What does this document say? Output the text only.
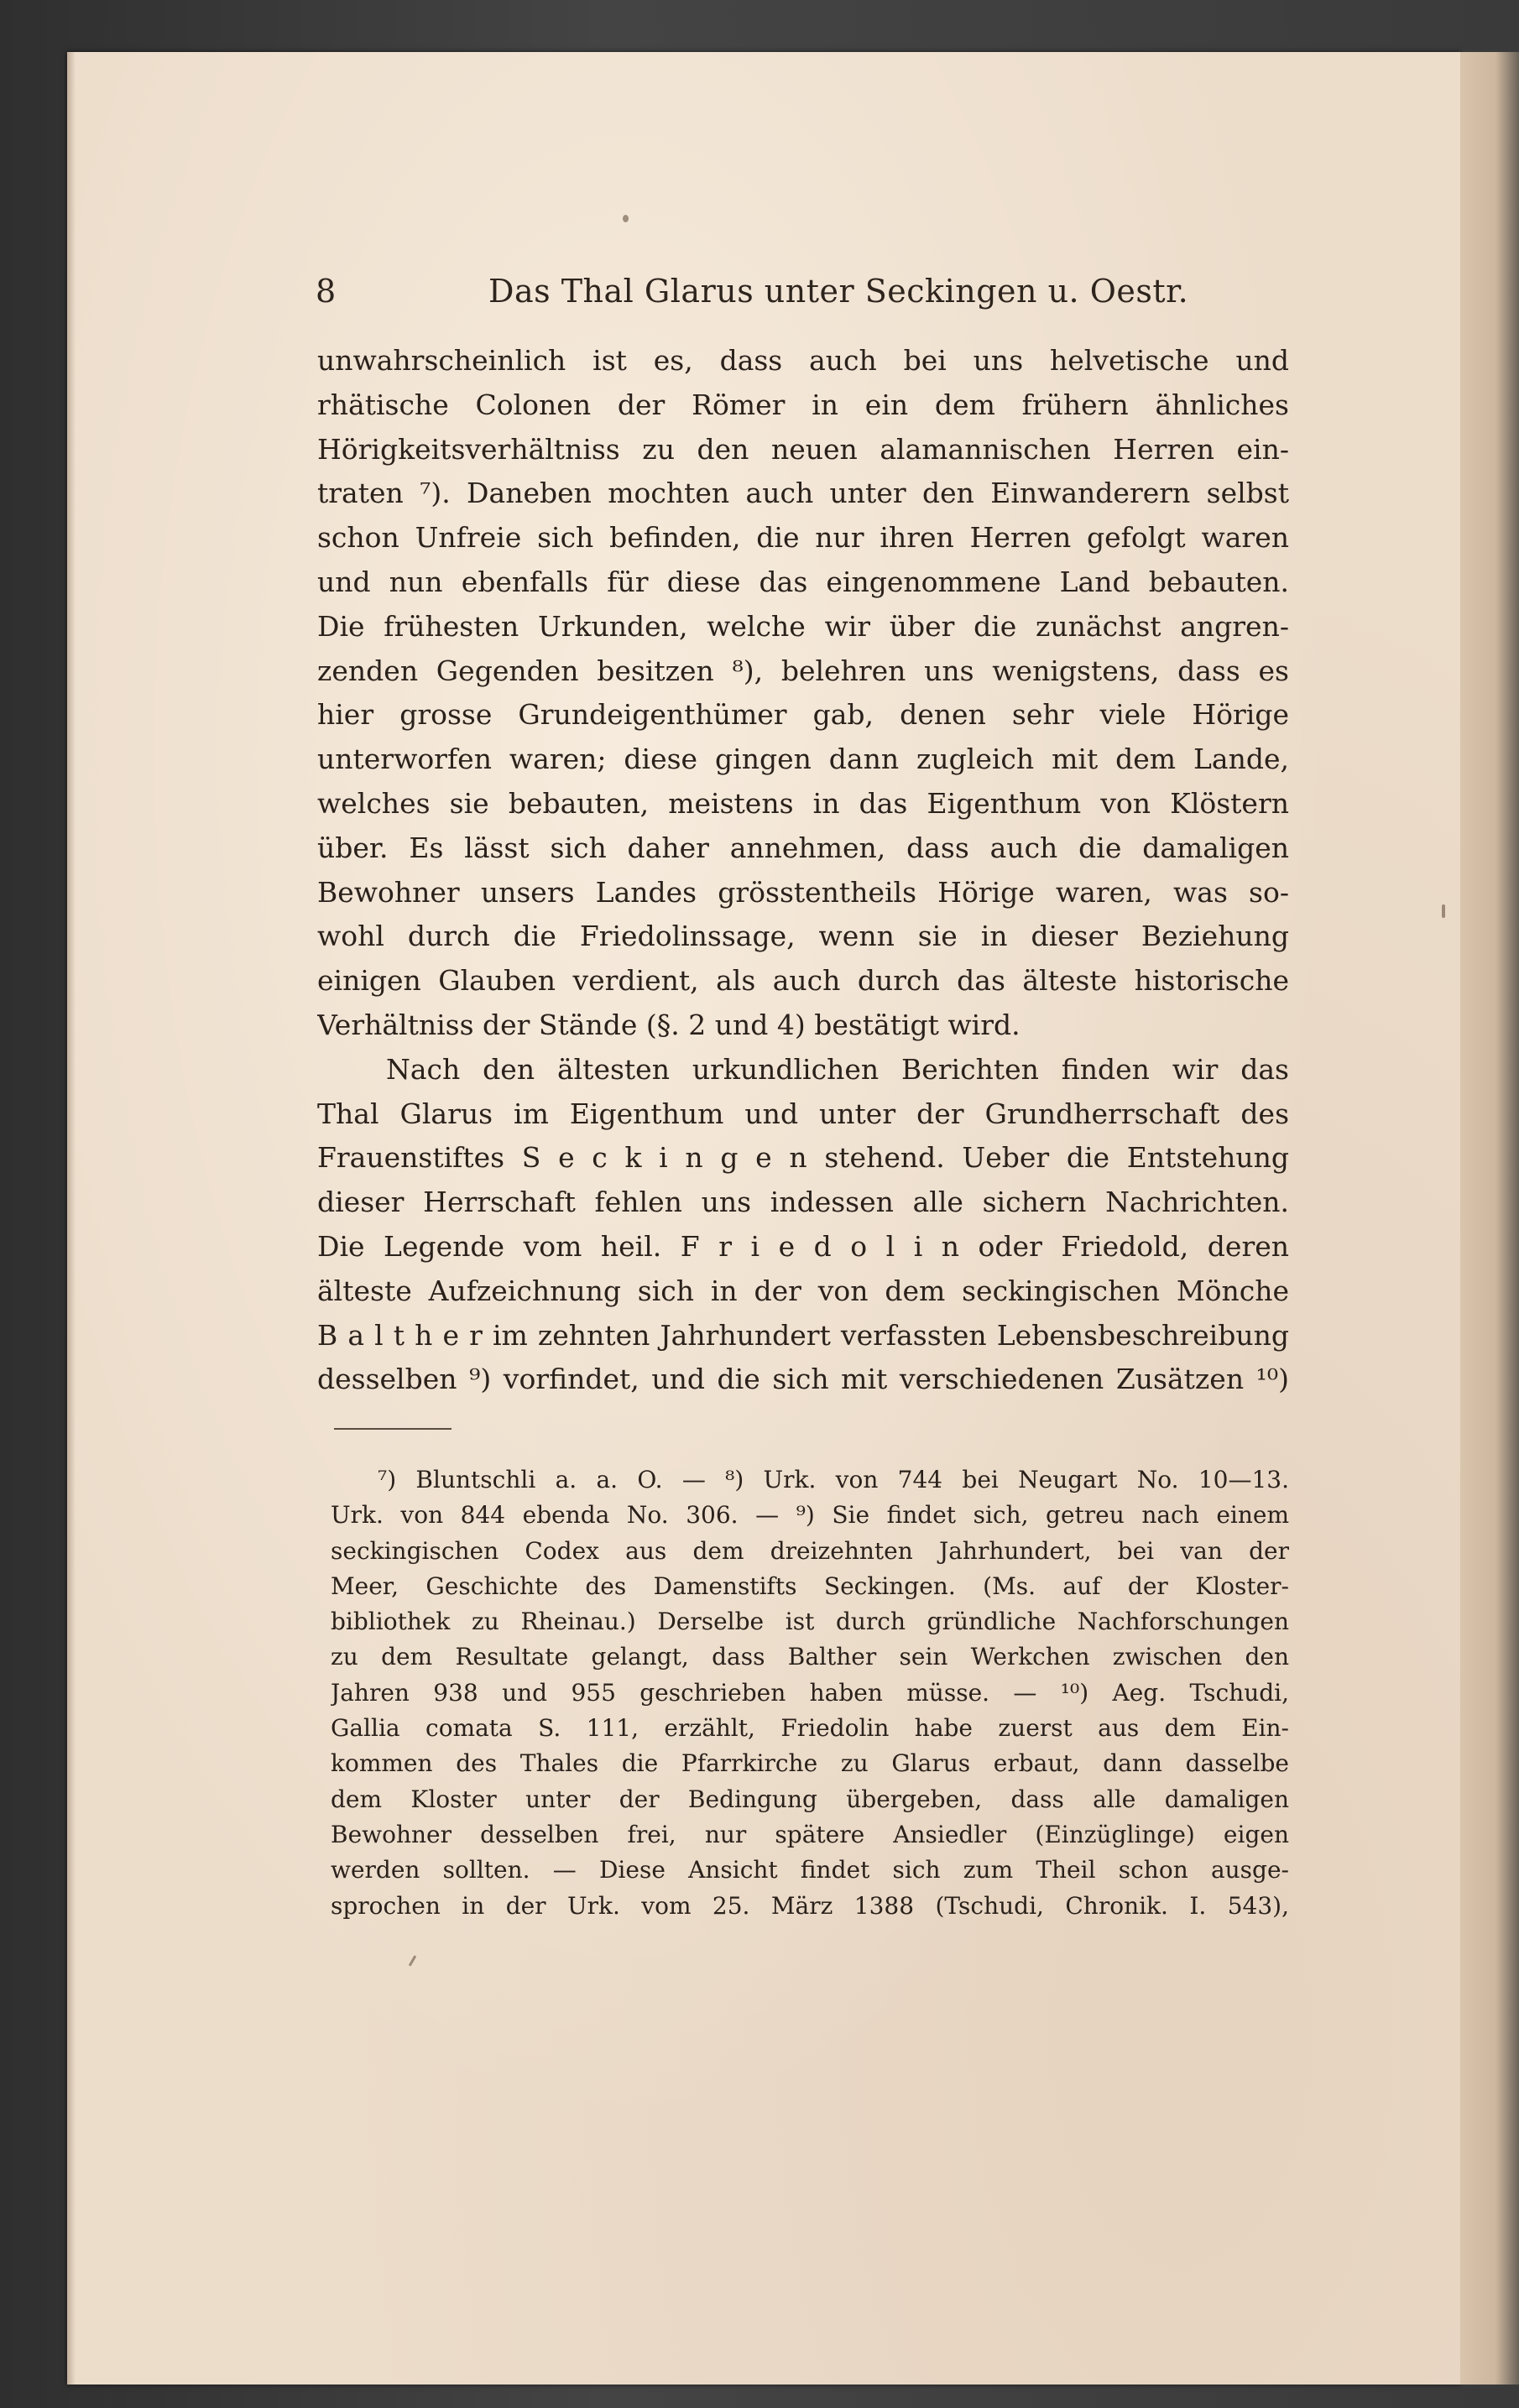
8	Das Thal Glarus unter Seckingen u. Oestr.
unwahrscheinlich ist es, dass auch bei uns helvetische und
rhätische Colonen der Römer in ein dem frühern ähnliches
Hörigkeitsverhältniss zu den neuen alamannischen Herren ein-
traten ⁷). Daneben mochten auch unter den Einwanderern selbst
schon Unfreie sich befinden, die nur ihren Herren gefolgt waren
und nun ebenfalls für diese das eingenommene Land bebauten.
Die frühesten Urkunden, welche wir über die zunächst angren-
zenden Gegenden besitzen ⁸), belehren uns wenigstens, dass es
hier grosse Grundeigenthümer gab, denen sehr viele Hörige
unterworfen waren; diese gingen dann zugleich mit dem Lande,
welches sie bebauten, meistens in das Eigenthum von Klöstern
über. Es lässt sich daher annehmen, dass auch die damaligen
Bewohner unsers Landes grösstentheils Hörige waren, was so-
wohl durch die Friedolinssage, wenn sie in dieser Beziehung
einigen Glauben verdient, als auch durch das älteste historische
Verhältniss der Stände (§. 2 und 4) bestätigt wird.
Nach den ältesten urkundlichen Berichten finden wir das
Thal Glarus im Eigenthum und unter der Grundherrschaft des
Frauenstiftes S e c k i n g e n stehend. Ueber die Entstehung
dieser Herrschaft fehlen uns indessen alle sichern Nachrichten.
Die Legende vom heil. F r i e d o l i n oder Friedold, deren
älteste Aufzeichnung sich in der von dem seckingischen Mönche
B a l t h e r im zehnten Jahrhundert verfassten Lebensbeschreibung
desselben ⁹) vorfindet, und die sich mit verschiedenen Zusätzen ¹⁰)
⁷) Bluntschli a. a. O. — ⁸) Urk. von 744 bei Neugart No. 10—13.
Urk. von 844 ebenda No. 306. — ⁹) Sie findet sich, getreu nach einem
seckingischen Codex aus dem dreizehnten Jahrhundert, bei van der
Meer, Geschichte des Damenstifts Seckingen. (Ms. auf der Kloster-
bibliothek zu Rheinau.) Derselbe ist durch gründliche Nachforschungen
zu dem Resultate gelangt, dass Balther sein Werkchen zwischen den
Jahren 938 und 955 geschrieben haben müsse. — ¹⁰) Aeg. Tschudi,
Gallia comata S. 111, erzählt, Friedolin habe zuerst aus dem Ein-
kommen des Thales die Pfarrkirche zu Glarus erbaut, dann dasselbe
dem Kloster unter der Bedingung übergeben, dass alle damaligen
Bewohner desselben frei, nur spätere Ansiedler (Einzüglinge) eigen
werden sollten. — Diese Ansicht findet sich zum Theil schon ausge-
sprochen in der Urk. vom 25. März 1388 (Tschudi, Chronik. I. 543),
